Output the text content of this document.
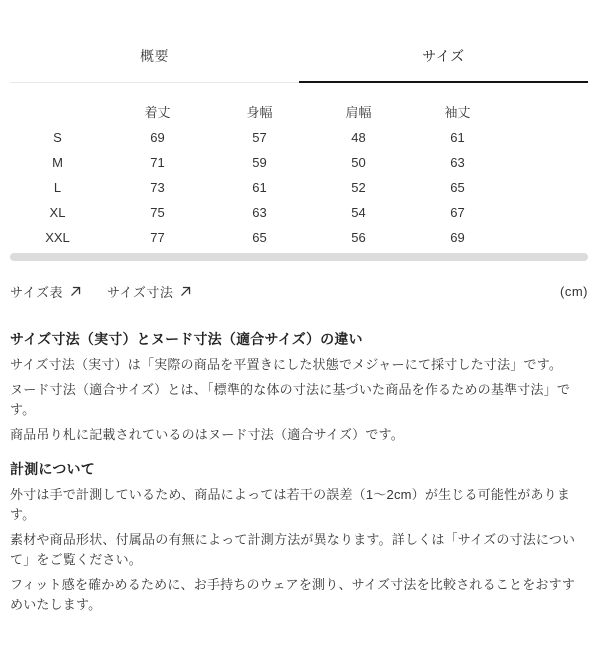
概要	サイズ
	着丈	身幅	肩幅	袖丈
S	69	57	48	61
M	71	59	50	63
L	73	61	52	65
XL	75	63	54	67
XXL	77	65	56	69
サイズ表	サイズ寸法	(cm)
サイズ寸法（実寸）とヌード寸法（適合サイズ）の違い

サイズ寸法（実寸）は「実際の商品を平置きにした状態でメジャーにて採寸した寸法」です。

ヌード寸法（適合サイズ）とは、「標準的な体の寸法に基づいた商品を作るための基準寸法」です。

商品吊り札に記載されているのはヌード寸法（適合サイズ）です。

計測について

外寸は手で計測しているため、商品によっては若干の誤差（1〜2cm）が生じる可能性があります。

素材や商品形状、付属品の有無によって計測方法が異なります。詳しくは「サイズの寸法について」をご覧ください。

フィット感を確かめるために、お手持ちのウェアを測り、サイズ寸法を比較されることをおすすめいたします。
